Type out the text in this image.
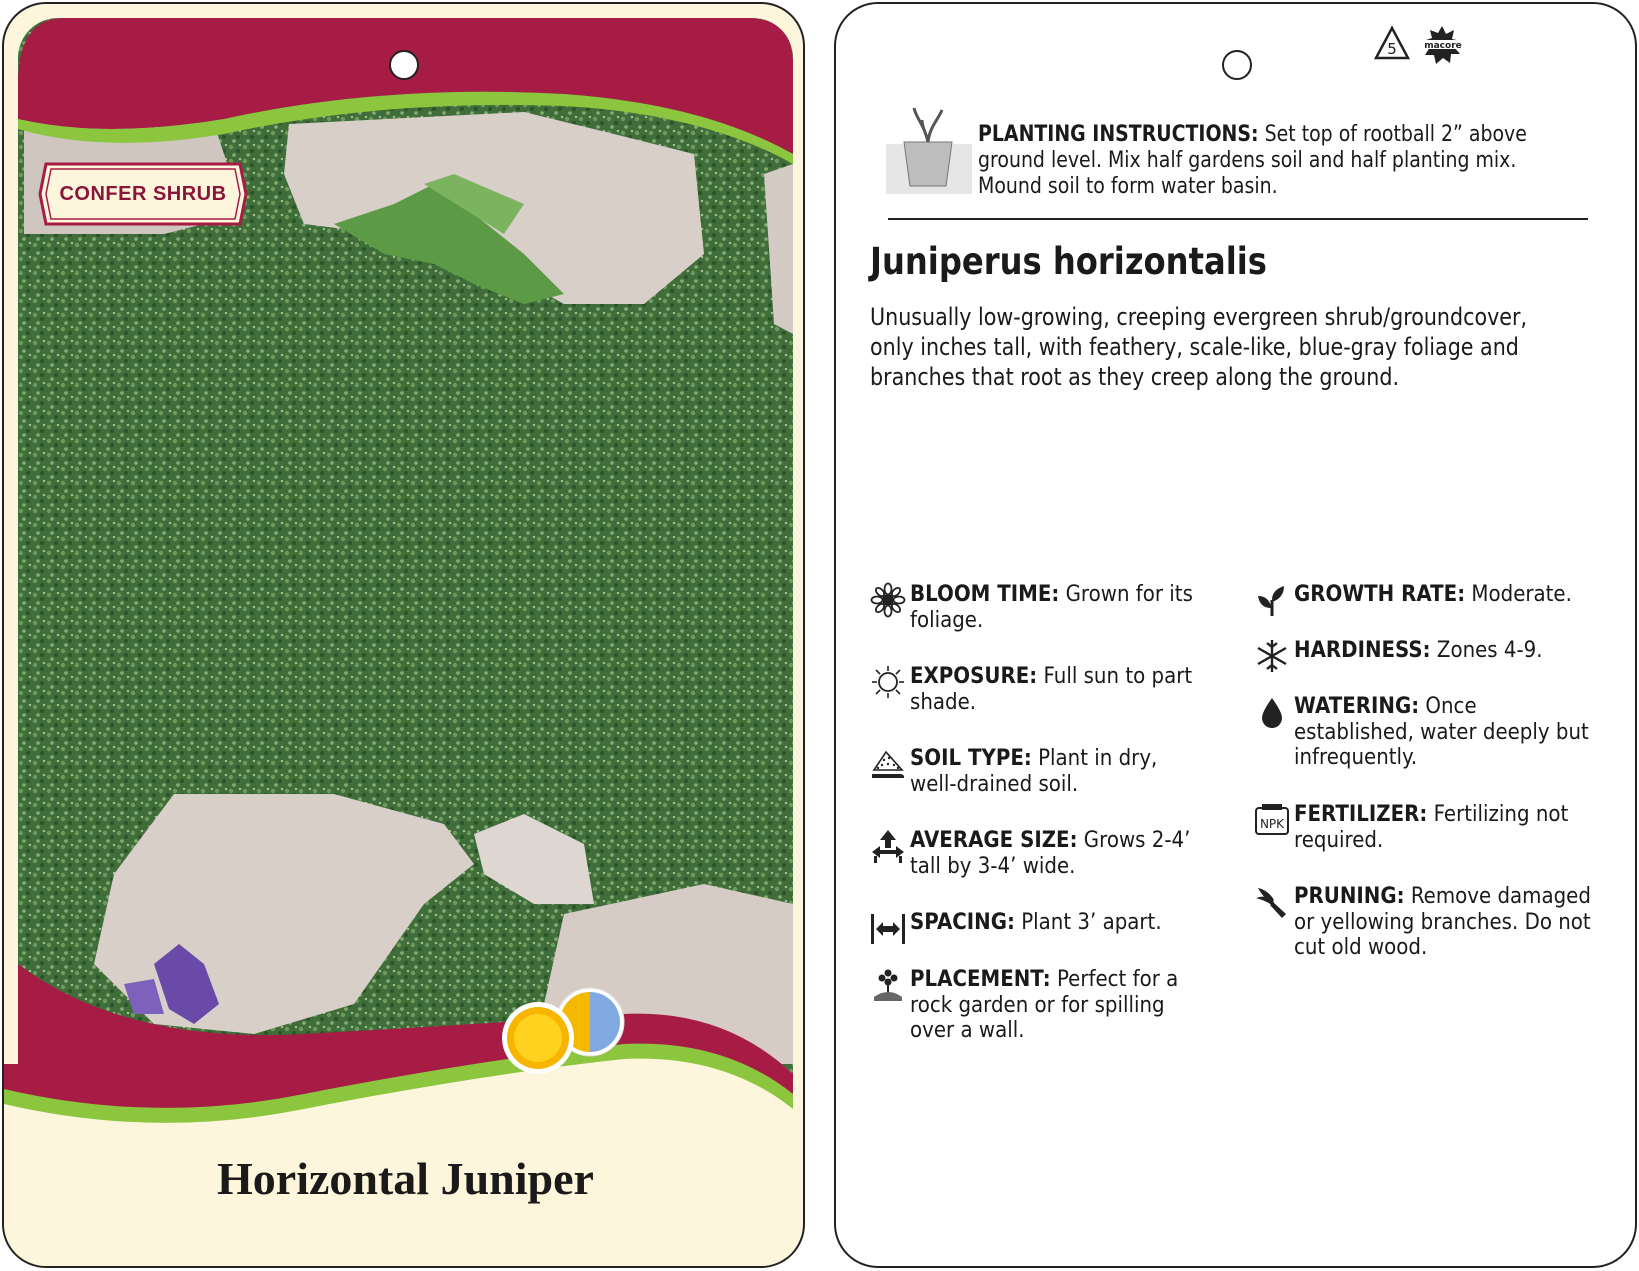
CONFER SHRUB
Horizontal Juniper
5	macore
PLANTING INSTRUCTIONS: Set top of rootball 2” above ground level. Mix half gardens soil and half planting mix. Mound soil to form water basin.
Juniperus horizontalis
Unusually low-growing, creeping evergreen shrub/groundcover, only inches tall, with feathery, scale-like, blue-gray foliage and branches that root as they creep along the ground.
BLOOM TIME: Grown for its foliage.
EXPOSURE: Full sun to part shade.
SOIL TYPE: Plant in dry, well-drained soil.
AVERAGE SIZE: Grows 2-4’ tall by 3-4’ wide.
SPACING: Plant 3’ apart.
PLACEMENT: Perfect for a rock garden or for spilling over a wall.
GROWTH RATE: Moderate.
HARDINESS: Zones 4-9.
WATERING: Once established, water deeply but infrequently.
NPK FERTILIZER: Fertilizing not required.
PRUNING: Remove damaged or yellowing branches. Do not cut old wood.
